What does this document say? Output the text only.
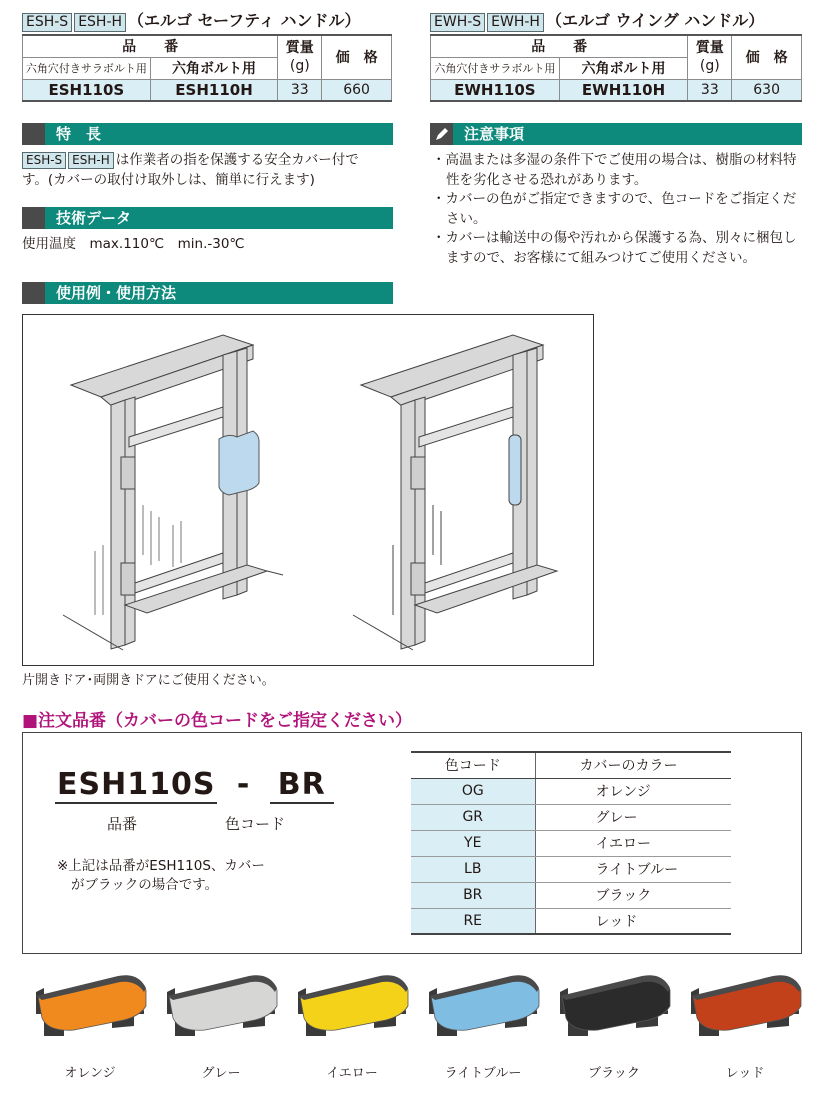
ESH-S ESH-H （エルゴ セーフティ ハンドル）
品　　番		質量
(g)	価　格
六角穴付きサラボルト用	六角ボルト用		
ESH110S	ESH110H	33	660
EWH-S EWH-H （エルゴ ウイング ハンドル）
品　　番		質量
(g)	価　格
六角穴付きサラボルト用	六角ボルト用		
EWH110S	EWH110H	33	630
特　長
ESH-S ESH-H は作業者の指を保護する安全カバー付で
す。(カバーの取付け取外しは、簡単に行えます)
技術データ
使用温度　max.110℃　min.-30℃
注意事項
・高温または多湿の条件下でご使用の場合は、樹脂の材料特性を劣化させる恐れがあります。
・カバーの色がご指定できますので、色コードをご指定ください。
・カバーは輸送中の傷や汚れから保護する為、別々に梱包しますので、お客様にて組みつけてご使用ください。
使用例・使用方法
片開きドア･両開きドアにご使用ください。
■注文品番（カバーの色コードをご指定ください）
ESH110S - BR
品番	色コード
※上記は品番がESH110S、カバー
がブラックの場合です。
色コード	カバーのカラー
OG	オレンジ
GR	グレー
YE	イエロー
LB	ライトブルー
BR	ブラック
RE	レッド
オレンジ	グレー	イエロー	ライトブルー	ブラック	レッド
